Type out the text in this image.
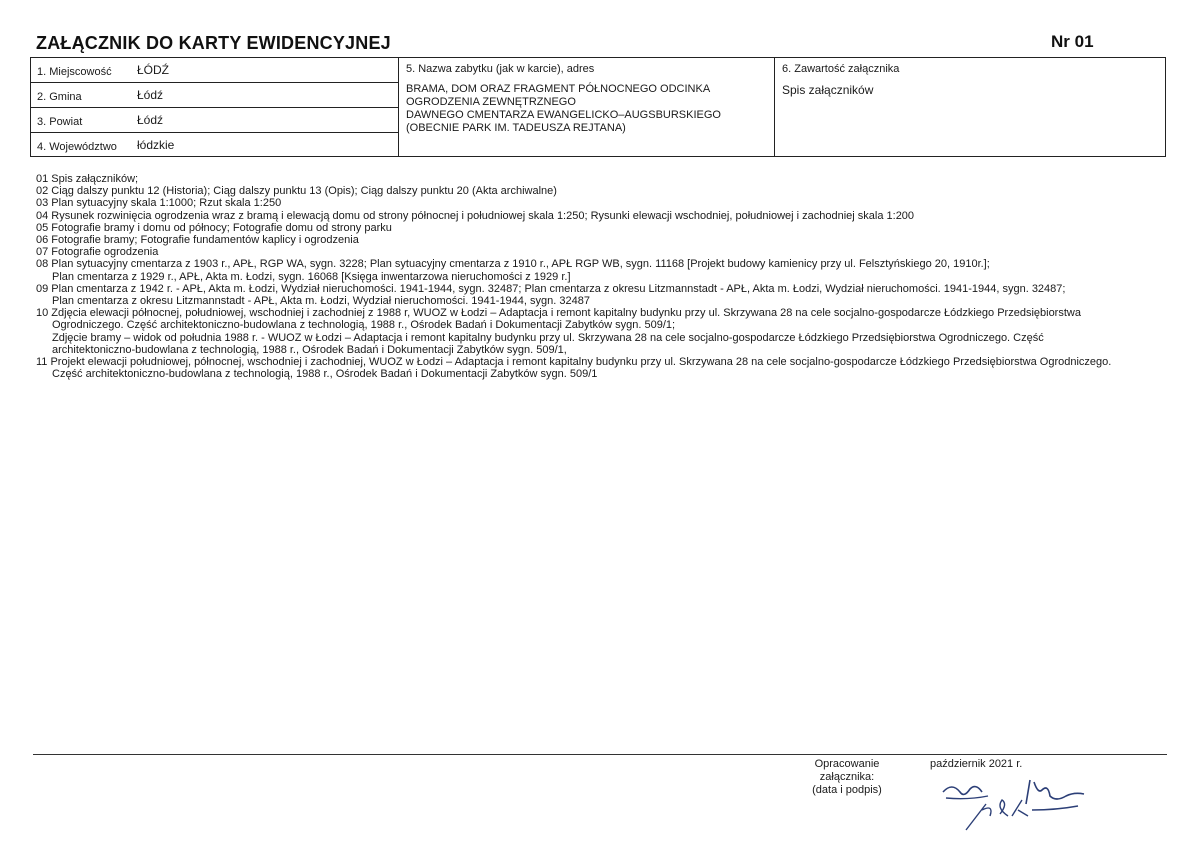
ZAŁĄCZNIK DO KARTY EWIDENCYJNEJ	Nr 01
1. Miejscowość ŁÓDŹ
2. Gmina	Łódź
3. Powiat	Łódź
4. Województwo łódzkie
5. Nazwa zabytku (jak w karcie), adres
BRAMA, DOM ORAZ FRAGMENT PÓŁNOCNEGO ODCINKA
OGRODZENIA ZEWNĘTRZNEGO
DAWNEGO CMENTARZA EWANGELICKO–AUGSBURSKIEGO
(OBECNIE PARK IM. TADEUSZA REJTANA)
6. Zawartość załącznika
Spis załączników
01 Spis załączników;
02 Ciąg dalszy punktu 12 (Historia); Ciąg dalszy punktu 13 (Opis); Ciąg dalszy punktu 20 (Akta archiwalne)
03 Plan sytuacyjny skala 1:1000; Rzut skala 1:250
04 Rysunek rozwinięcia ogrodzenia wraz z bramą i elewacją domu od strony północnej i południowej skala 1:250; Rysunki elewacji wschodniej, południowej i zachodniej skala 1:200
05 Fotografie bramy i domu od północy; Fotografie domu od strony parku
06 Fotografie bramy; Fotografie fundamentów kaplicy i ogrodzenia
07 Fotografie ogrodzenia
08 Plan sytuacyjny cmentarza z 1903 r., APŁ, RGP WA, sygn. 3228; Plan sytuacyjny cmentarza z 1910 r., APŁ RGP WB, sygn. 11168 [Projekt budowy kamienicy przy ul. Felsztyńskiego 20, 1910r.];
Plan cmentarza z 1929 r., APŁ, Akta m. Łodzi, sygn. 16068 [Księga inwentarzowa nieruchomości z 1929 r.]
09 Plan cmentarza z 1942 r. - APŁ, Akta m. Łodzi, Wydział nieruchomości. 1941-1944, sygn. 32487; Plan cmentarza z okresu Litzmannstadt - APŁ, Akta m. Łodzi, Wydział nieruchomości. 1941-1944, sygn. 32487;
Plan cmentarza z okresu Litzmannstadt - APŁ, Akta m. Łodzi, Wydział nieruchomości. 1941-1944, sygn. 32487
10 Zdjęcia elewacji północnej, południowej, wschodniej i zachodniej z 1988 r, WUOZ w Łodzi – Adaptacja i remont kapitalny budynku przy ul. Skrzywana 28 na cele socjalno-gospodarcze Łódzkiego Przedsiębiorstwa
Ogrodniczego. Część architektoniczno-budowlana z technologią, 1988 r., Ośrodek Badań i Dokumentacji Zabytków sygn. 509/1;
Zdjęcie bramy – widok od południa 1988 r. - WUOZ w Łodzi – Adaptacja i remont kapitalny budynku przy ul. Skrzywana 28 na cele socjalno-gospodarcze Łódzkiego Przedsiębiorstwa Ogrodniczego. Część
architektoniczno-budowlana z technologią, 1988 r., Ośrodek Badań i Dokumentacji Zabytków sygn. 509/1,
11 Projekt elewacji południowej, północnej, wschodniej i zachodniej, WUOZ w Łodzi – Adaptacja i remont kapitalny budynku przy ul. Skrzywana 28 na cele socjalno-gospodarcze Łódzkiego Przedsiębiorstwa Ogrodniczego.
Część architektoniczno-budowlana z technologią, 1988 r., Ośrodek Badań i Dokumentacji Zabytków sygn. 509/1
Opracowanie załącznika:
(data i podpis)
październik 2021 r.
